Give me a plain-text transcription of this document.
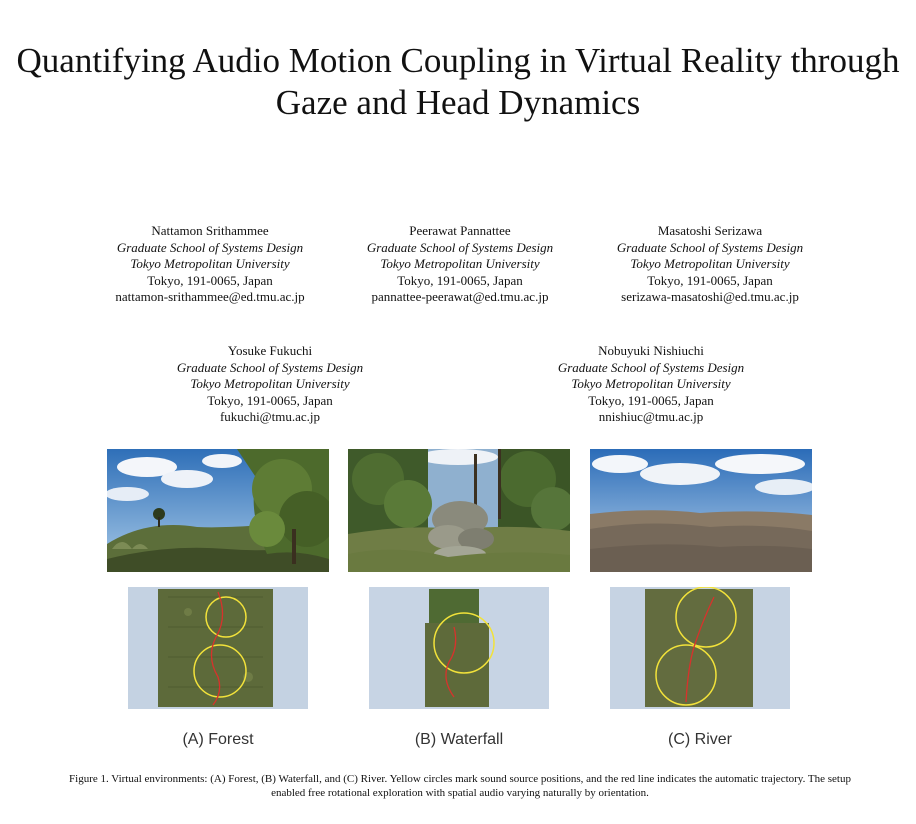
Quantifying Audio Motion Coupling in Virtual Reality through Gaze and Head Dynamics
Nattamon Srithammee
Graduate School of Systems Design
Tokyo Metropolitan University
Tokyo, 191-0065, Japan
nattamon-srithammee@ed.tmu.ac.jp
Peerawat Pannattee
Graduate School of Systems Design
Tokyo Metropolitan University
Tokyo, 191-0065, Japan
pannattee-peerawat@ed.tmu.ac.jp
Masatoshi Serizawa
Graduate School of Systems Design
Tokyo Metropolitan University
Tokyo, 191-0065, Japan
serizawa-masatoshi@ed.tmu.ac.jp
Yosuke Fukuchi
Graduate School of Systems Design
Tokyo Metropolitan University
Tokyo, 191-0065, Japan
fukuchi@tmu.ac.jp
Nobuyuki Nishiuchi
Graduate School of Systems Design
Tokyo Metropolitan University
Tokyo, 191-0065, Japan
nnishiuc@tmu.ac.jp
(A) Forest	(B) Waterfall	(C) River
Figure 1. Virtual environments: (A) Forest, (B) Waterfall, and (C) River. Yellow circles mark sound source positions, and the red line indicates the automatic trajectory. The setup enabled free rotational exploration with spatial audio varying naturally by orientation.
